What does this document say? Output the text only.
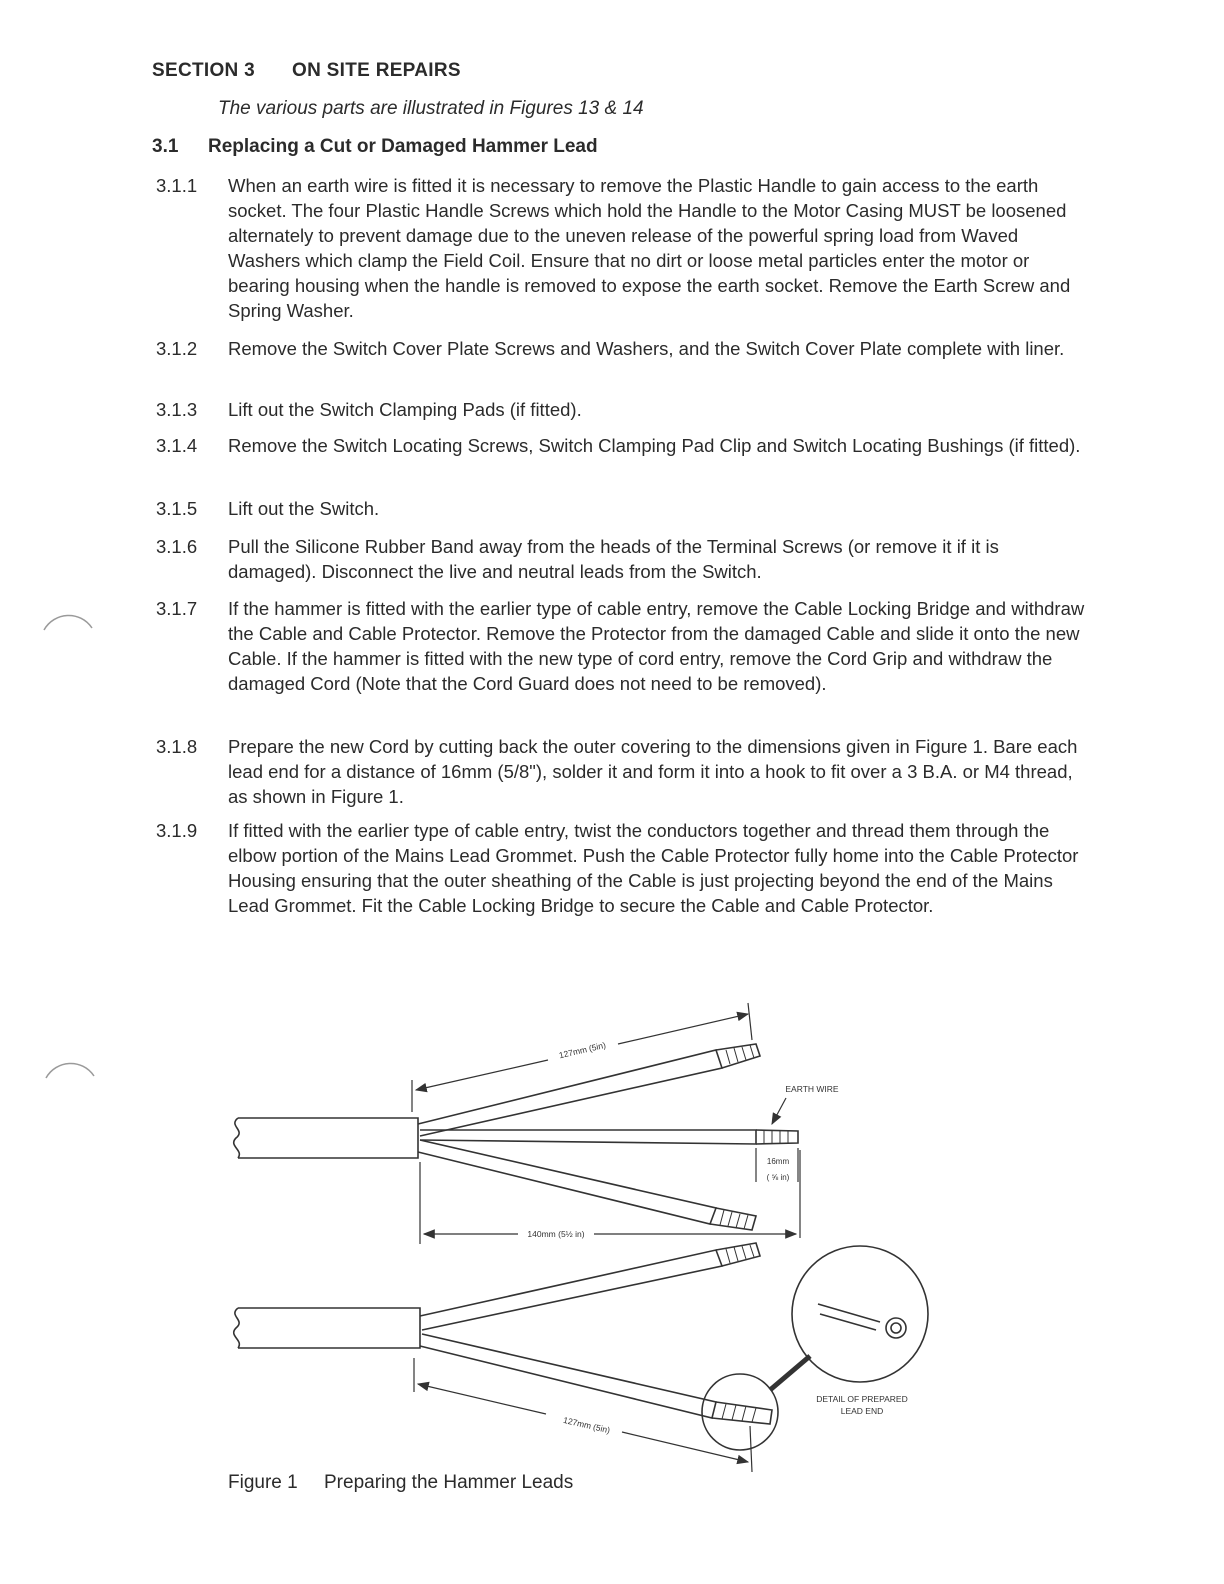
SECTION 3 ON SITE REPAIRS
The various parts are illustrated in Figures 13 & 14
3.1 Replacing a Cut or Damaged Hammer Lead
3.1.1	When an earth wire is fitted it is necessary to remove the Plastic Handle to gain access to the earth socket. The four Plastic Handle Screws which hold the Handle to the Motor Casing MUST be loosened alternately to prevent damage due to the uneven release of the powerful spring load from Waved Washers which clamp the Field Coil. Ensure that no dirt or loose metal particles enter the motor or bearing housing when the handle is removed to expose the earth socket. Remove the Earth Screw and Spring Washer.
3.1.2	Remove the Switch Cover Plate Screws and Washers, and the Switch Cover Plate complete with liner.
3.1.3	Lift out the Switch Clamping Pads (if fitted).
3.1.4	Remove the Switch Locating Screws, Switch Clamping Pad Clip and Switch Locating Bushings (if fitted).
3.1.5	Lift out the Switch.
3.1.6	Pull the Silicone Rubber Band away from the heads of the Terminal Screws (or remove it if it is damaged). Disconnect the live and neutral leads from the Switch.
3.1.7	If the hammer is fitted with the earlier type of cable entry, remove the Cable Locking Bridge and withdraw the Cable and Cable Protector. Remove the Protector from the damaged Cable and slide it onto the new Cable. If the hammer is fitted with the new type of cord entry, remove the Cord Grip and withdraw the damaged Cord (Note that the Cord Guard does not need to be removed).
3.1.8	Prepare the new Cord by cutting back the outer covering to the dimensions given in Figure 1. Bare each lead end for a distance of 16mm (5/8"), solder it and form it into a hook to fit over a 3 B.A. or M4 thread, as shown in Figure 1.
3.1.9	If fitted with the earlier type of cable entry, twist the conductors together and thread them through the elbow portion of the Mains Lead Grommet. Push the Cable Protector fully home into the Cable Protector Housing ensuring that the outer sheathing of the Cable is just projecting beyond the end of the Mains Lead Grommet. Fit the Cable Locking Bridge to secure the Cable and Cable Protector.
127mm (5in)
140mm (5½ in)
16mm
( ⅝ in)
EARTH WIRE
127mm (5in)
DETAIL OF PREPARED
LEAD END
Figure 1 Preparing the Hammer Leads
